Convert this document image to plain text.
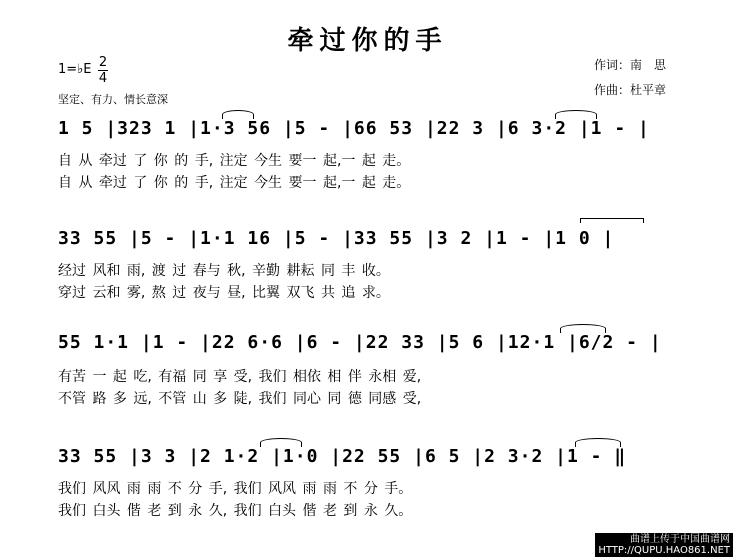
牵过你的手
1=♭E 2
4
坚定、有力、情长意深
作词：南　思
作曲：杜平章
1 5 |323 1 |1·3 56 |5 - |66 53 |22 3 |6 3·2 |1 - |
自 从 牵过 了 你 的 手, 注定 今生 要一 起,一 起 走。
自 从 牵过 了 你 的 手, 注定 今生 要一 起,一 起 走。
33 55 |5 - |1·1 16 |5 - |33 55 |3 2 |1 - |1 0 |
经过 风和 雨, 渡 过 春与 秋, 辛勤 耕耘 同 丰 收。
穿过 云和 雾, 熬 过 夜与 昼, 比翼 双飞 共 追 求。
55 1·1 |1 - |22 6·6 |6 - |22 33 |5 6 |12·1 |6/2 - |
有苦 一 起 吃, 有福 同 享 受, 我们 相依 相 伴 永相 爱,
不管 路 多 远, 不管 山 多 陡, 我们 同心 同 德 同感 受,
33 55 |3 3 |2 1·2 |1·0 |22 55 |6 5 |2 3·2 |1 - ‖
我们 风风 雨 雨 不 分 手, 我们 风风 雨 雨 不 分 手。
我们 白头 偕 老 到 永 久, 我们 白头 偕 老 到 永 久。
曲谱上传于中国曲谱网
HTTP://QUPU.HAO861.NET
